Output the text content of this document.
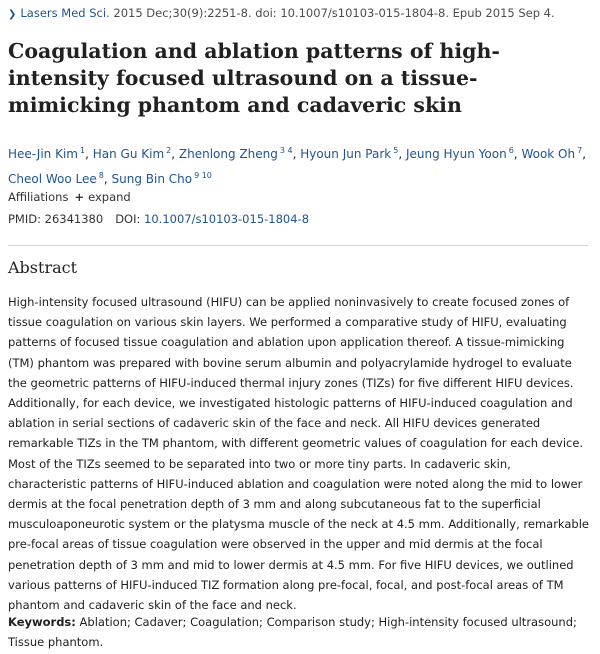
❯ Lasers Med Sci. 2015 Dec;30(9):2251-8. doi: 10.1007/s10103-015-1804-8. Epub 2015 Sep 4.
Coagulation and ablation patterns of high-intensity focused ultrasound on a tissue-mimicking phantom and cadaveric skin
Hee-Jin Kim $^1$, Han Gu Kim $^2$, Zhenlong Zheng $^{3 4}$, Hyoun Jun Park $^5$, Jeung Hyun Yoon $^6$, Wook Oh $^7$, Cheol Woo Lee $^8$, Sung Bin Cho $^{9 10}$
Affiliations + expand
PMID: 26341380 DOI: 10.1007/s10103-015-1804-8
Abstract

High-intensity focused ultrasound (HIFU) can be applied noninvasively to create focused zones of tissue coagulation on various skin layers. We performed a comparative study of HIFU, evaluating patterns of focused tissue coagulation and ablation upon application thereof. A tissue-mimicking (TM) phantom was prepared with bovine serum albumin and polyacrylamide hydrogel to evaluate the geometric patterns of HIFU-induced thermal injury zones (TIZs) for five different HIFU devices. Additionally, for each device, we investigated histologic patterns of HIFU-induced coagulation and ablation in serial sections of cadaveric skin of the face and neck. All HIFU devices generated remarkable TIZs in the TM phantom, with different geometric values of coagulation for each device. Most of the TIZs seemed to be separated into two or more tiny parts. In cadaveric skin, characteristic patterns of HIFU-induced ablation and coagulation were noted along the mid to lower dermis at the focal penetration depth of 3 mm and along subcutaneous fat to the superficial musculoaponeurotic system or the platysma muscle of the neck at 4.5 mm. Additionally, remarkable pre-focal areas of tissue coagulation were observed in the upper and mid dermis at the focal penetration depth of 3 mm and mid to lower dermis at 4.5 mm. For five HIFU devices, we outlined various patterns of HIFU-induced TIZ formation along pre-focal, focal, and post-focal areas of TM phantom and cadaveric skin of the face and neck.

Keywords: Ablation; Cadaver; Coagulation; Comparison study; High-intensity focused ultrasound; Tissue phantom.
